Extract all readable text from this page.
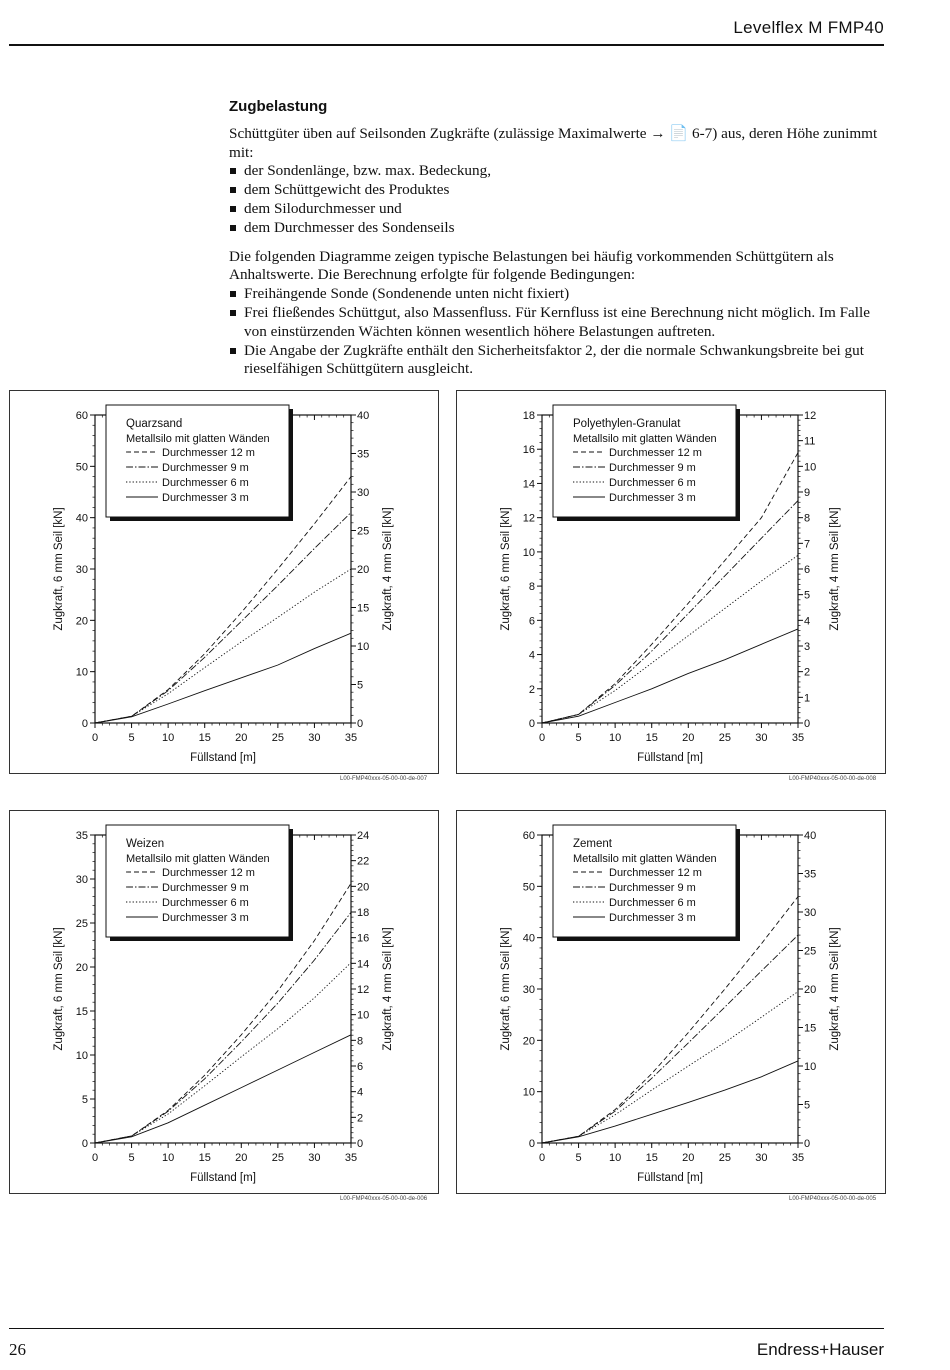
Levelflex M FMP40
Zugbelastung

Schüttgüter üben auf Seilsonden Zugkräfte (zulässige Maximalwerte → 📄 6-7) aus, deren Höhe zunimmt mit:

der Sondenlänge, bzw. max. Bedeckung,
dem Schüttgewicht des Produktes
dem Silodurchmesser und
dem Durchmesser des Sondenseils

Die folgenden Diagramme zeigen typische Belastungen bei häufig vorkommenden Schüttgütern als Anhaltswerte. Die Berechnung erfolgte für folgende Bedingungen:

Freihängende Sonde (Sondenende unten nicht fixiert)
Frei fließendes Schüttgut, also Massenfluss. Für Kernfluss ist eine Berechnung nicht möglich. Im Falle von einstürzenden Wächten können wesentlich höhere Belastungen auftreten.
Die Angabe der Zugkräfte enthält den Sicherheitsfaktor 2, der die normale Schwankungsbreite bei gut rieselfähigen Schüttgütern ausgleicht.
0	5 10 15 20 25 30 35
0
10
20
30
40
50
60
0
5
10
15
20
25
30
35
40
Füllstand [m]
Zugkraft, 6 mm Seil [kN]	Zugkraft, 4 mm Seil [kN]
Quarzsand
Metallsilo mit glatten Wänden
Durchmesser 12 m
Durchmesser 9 m
Durchmesser 6 m
Durchmesser 3 m
L00-FMP40xxx-05-00-00-de-007
0	5 10 15 20 25 30 35
0
2
4
6
8
10
12
14
16
18
0
1
2
3
4
5
6
7
8
9
10
11
12
Füllstand [m]
Zugkraft, 6 mm Seil [kN]	Zugkraft, 4 mm Seil [kN]
Polyethylen-Granulat
Metallsilo mit glatten Wänden
Durchmesser 12 m
Durchmesser 9 m
Durchmesser 6 m
Durchmesser 3 m
L00-FMP40xxx-05-00-00-de-008
0	5 10 15 20 25 30 35
0
5
10
15
20
25
30
35
0
2
4
6
8
10
12
14
16
18
20
22
24
Füllstand [m]
Zugkraft, 6 mm Seil [kN]	Zugkraft, 4 mm Seil [kN]
Weizen
Metallsilo mit glatten Wänden
Durchmesser 12 m
Durchmesser 9 m
Durchmesser 6 m
Durchmesser 3 m
L00-FMP40xxx-05-00-00-de-006
0	5 10 15 20 25 30 35
0
10
20
30
40
50
60
0
5
10
15
20
25
30
35
40
Füllstand [m]
Zugkraft, 6 mm Seil [kN]	Zugkraft, 4 mm Seil [kN]
Zement
Metallsilo mit glatten Wänden
Durchmesser 12 m
Durchmesser 9 m
Durchmesser 6 m
Durchmesser 3 m
L00-FMP40xxx-05-00-00-de-005
26	Endress+Hauser
